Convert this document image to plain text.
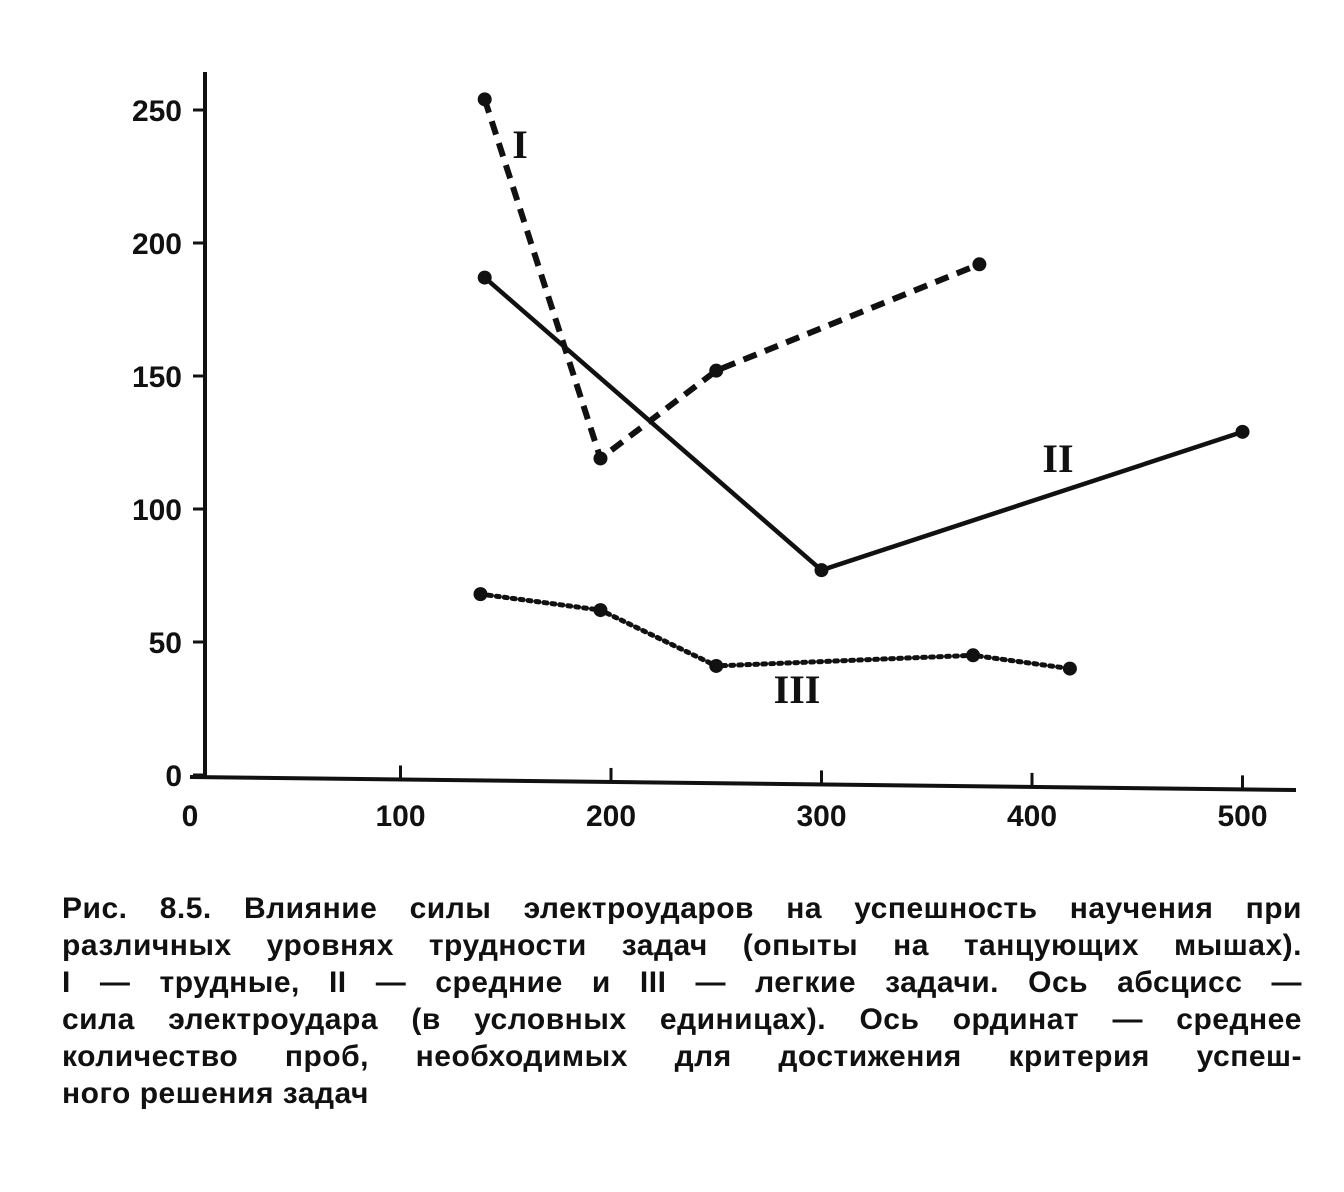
0
50
100
150
200
250
0	100	200	300	400	500
I
II
III
Рис. 8.5. Влияние силы электроударов на успешность научения при
различных уровнях трудности задач (опыты на танцующих мышах).
I — трудные, II — средние и III — легкие задачи. Ось абсцисс —
сила электроудара (в условных единицах). Ось ординат — среднее
количество проб, необходимых для достижения критерия успеш-
ного решения задач
